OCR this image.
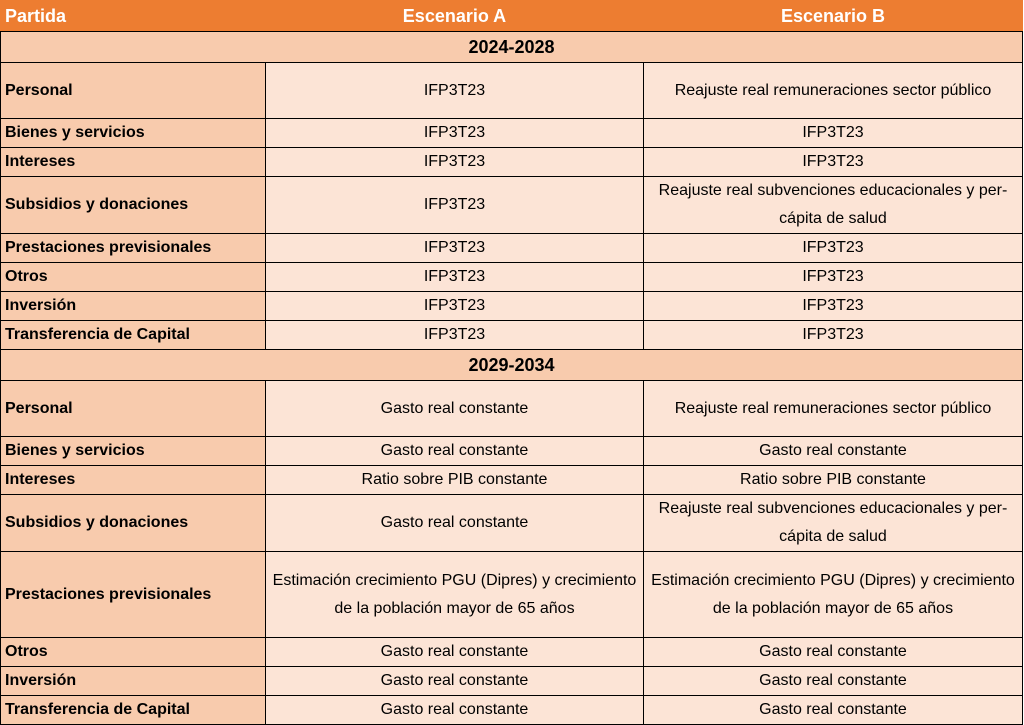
Partida	Escenario A	Escenario B
2024-2028		
Personal	IFP3T23	Reajuste real remuneraciones sector público
Bienes y servicios	IFP3T23	IFP3T23
Intereses	IFP3T23	IFP3T23
Subsidios y donaciones	IFP3T23	Reajuste real subvenciones educacionales y per-cápita de salud
Prestaciones previsionales	IFP3T23	IFP3T23
Otros	IFP3T23	IFP3T23
Inversión	IFP3T23	IFP3T23
Transferencia de Capital	IFP3T23	IFP3T23
2029-2034		
Personal	Gasto real constante	Reajuste real remuneraciones sector público
Bienes y servicios	Gasto real constante	Gasto real constante
Intereses	Ratio sobre PIB constante	Ratio sobre PIB constante
Subsidios y donaciones	Gasto real constante	Reajuste real subvenciones educacionales y per-cápita de salud
Prestaciones previsionales	Estimación crecimiento PGU (Dipres) y crecimiento de la población mayor de 65 años	Estimación crecimiento PGU (Dipres) y crecimiento de la población mayor de 65 años
Otros	Gasto real constante	Gasto real constante
Inversión	Gasto real constante	Gasto real constante
Transferencia de Capital	Gasto real constante	Gasto real constante
